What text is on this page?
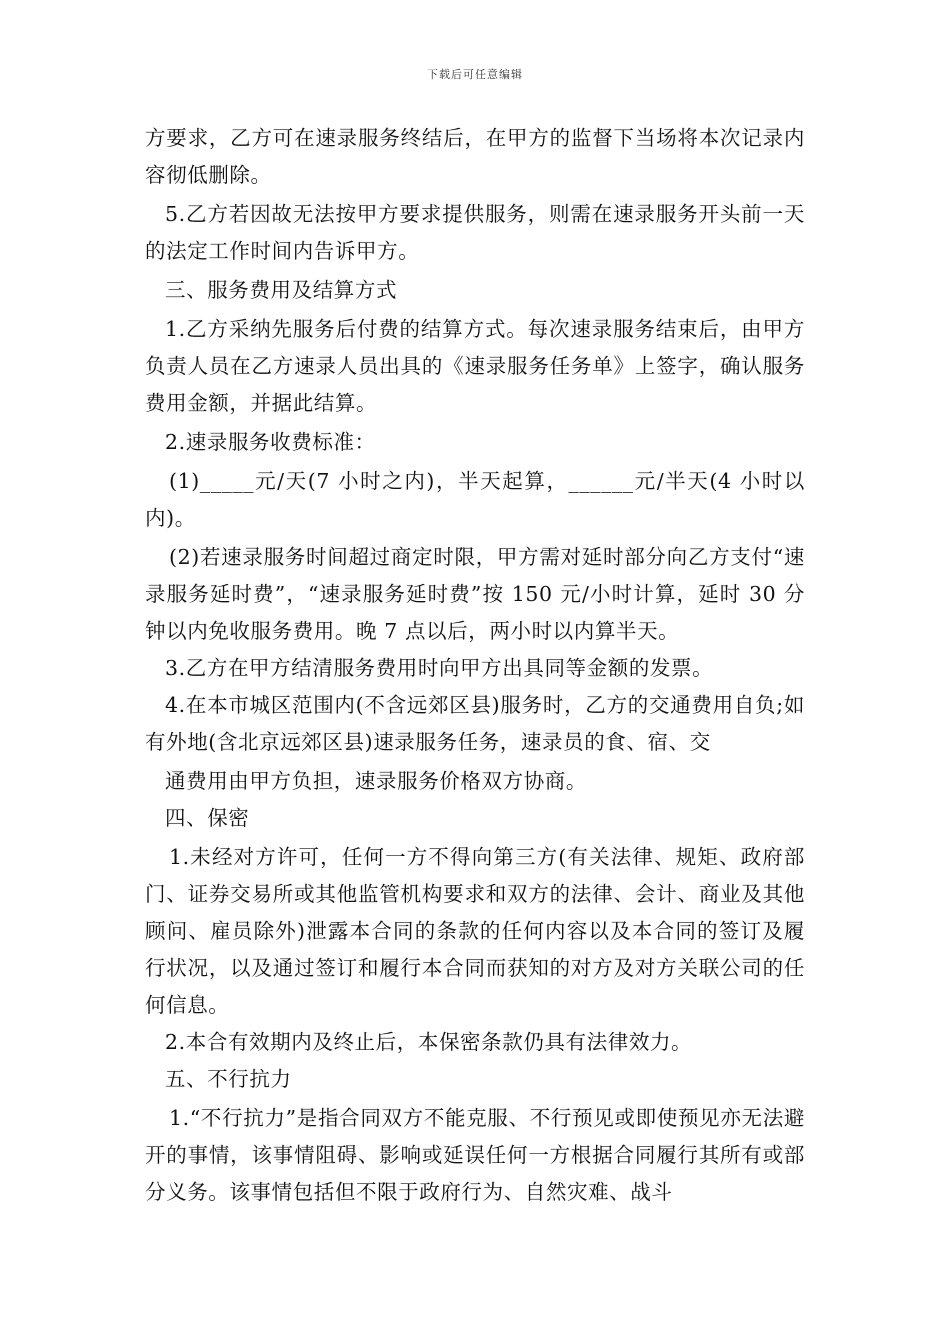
下载后可任意编辑

方要求，乙方可在速录服务终结后，在甲方的监督下当场将本次记录内容彻低删除。

5.乙方若因故无法按甲方要求提供服务，则需在速录服务开头前一天的法定工作时间内告诉甲方。

三、服务费用及结算方式

1.乙方采纳先服务后付费的结算方式。每次速录服务结束后，由甲方负责人员在乙方速录人员出具的《速录服务任务单》上签字，确认服务费用金额，并据此结算。

2.速录服务收费标准：

(1)_____元/天(7 小时之内)，半天起算，______元/半天(4 小时以内)。

(2)若速录服务时间超过商定时限，甲方需对延时部分向乙方支付“速录服务延时费”，“速录服务延时费”按 150 元/小时计算，延时 30 分钟以内免收服务费用。晚 7 点以后，两小时以内算半天。

3.乙方在甲方结清服务费用时向甲方出具同等金额的发票。

4.在本市城区范围内(不含远郊区县)服务时，乙方的交通费用自负;如有外地(含北京远郊区县)速录服务任务，速录员的食、宿、交

通费用由甲方负担，速录服务价格双方协商。

四、保密

1.未经对方许可，任何一方不得向第三方(有关法律、规矩、政府部门、证券交易所或其他监管机构要求和双方的法律、会计、商业及其他顾问、雇员除外)泄露本合同的条款的任何内容以及本合同的签订及履行状况，以及通过签订和履行本合同而获知的对方及对方关联公司的任何信息。

2.本合有效期内及终止后，本保密条款仍具有法律效力。

五、不行抗力

1.“不行抗力”是指合同双方不能克服、不行预见或即使预见亦无法避开的事情，该事情阻碍、影响或延误任何一方根据合同履行其所有或部分义务。该事情包括但不限于政府行为、自然灾难、战斗
